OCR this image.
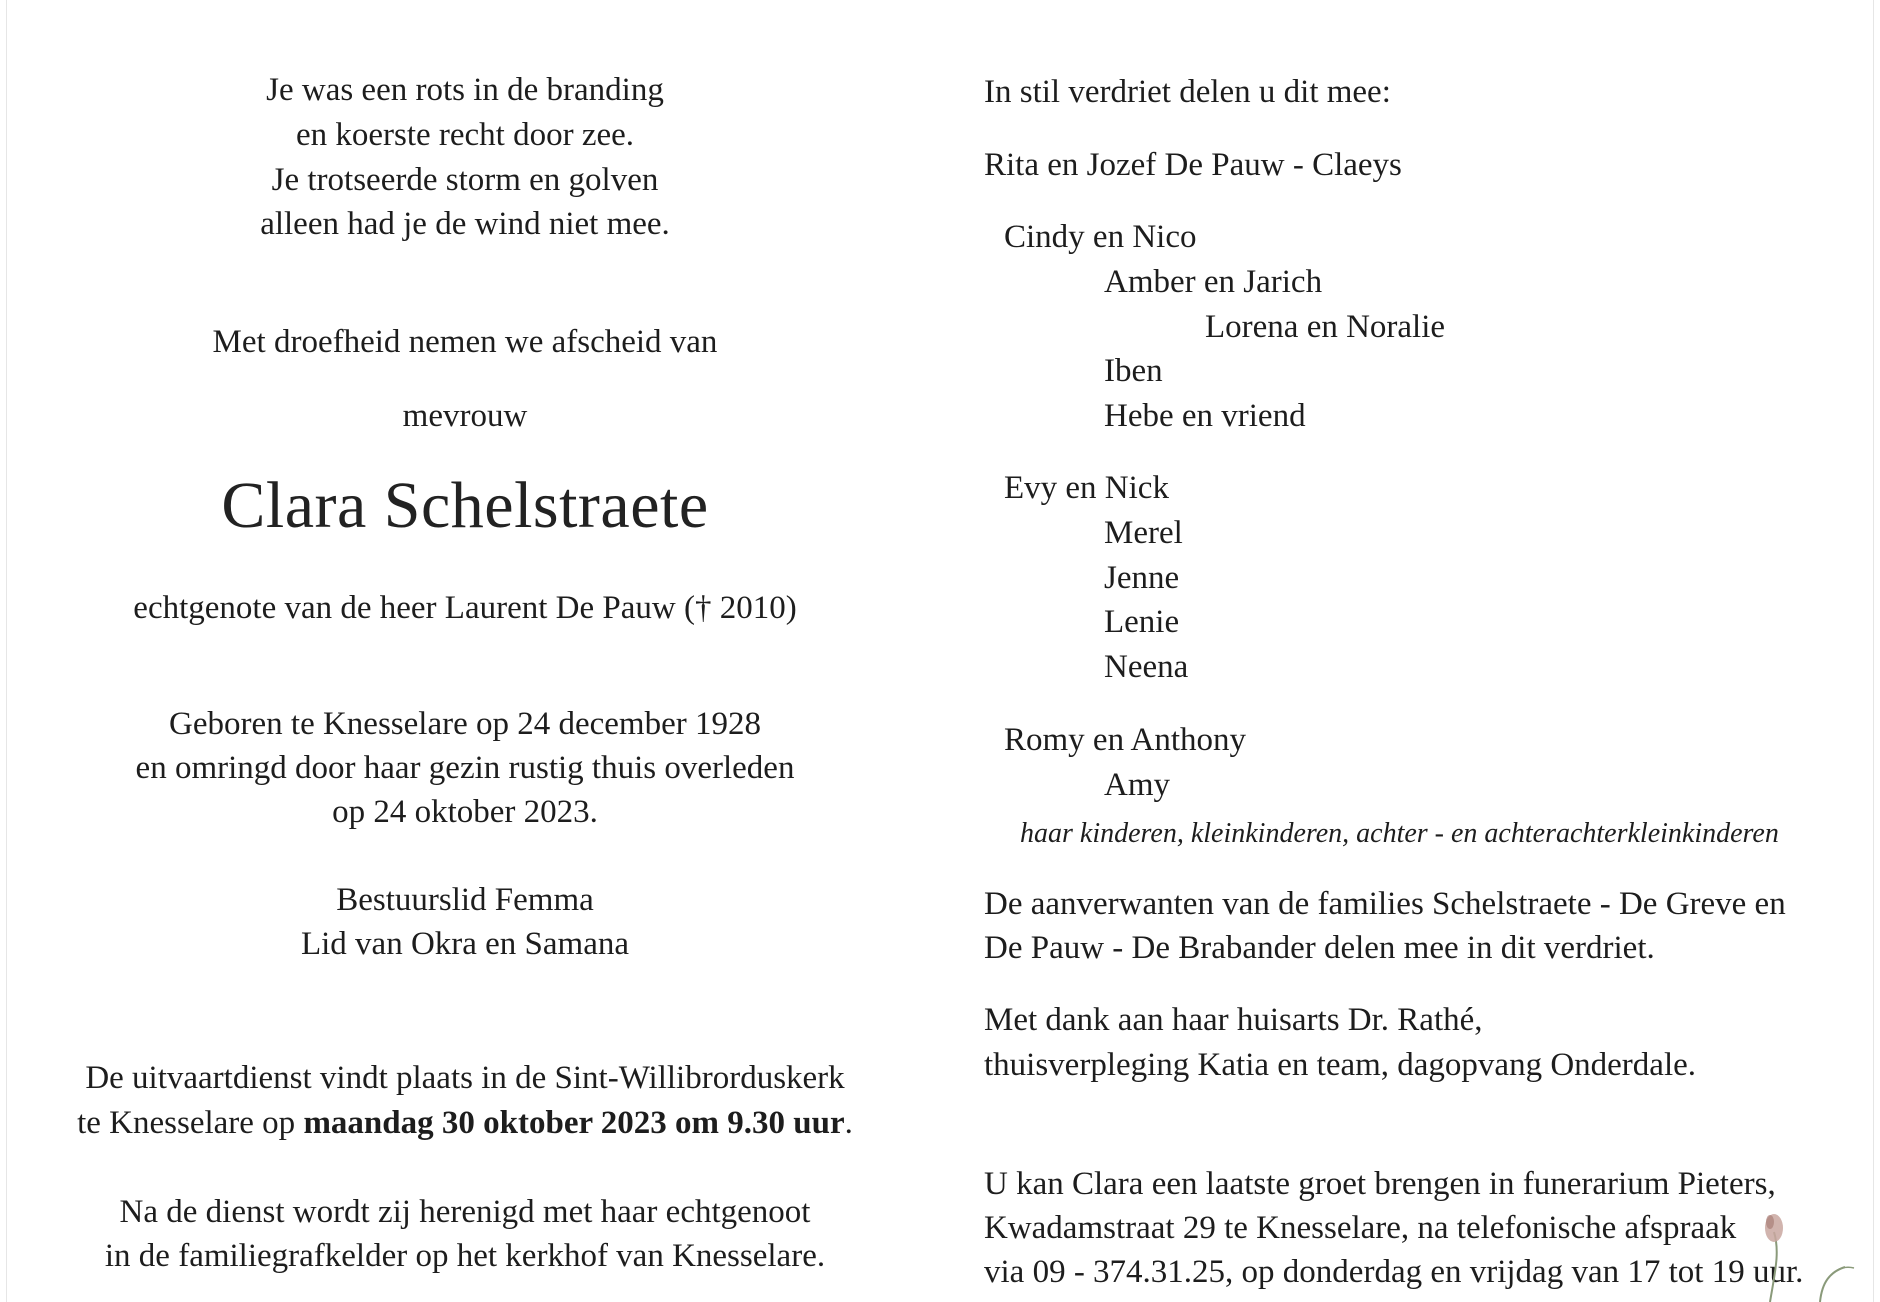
Je was een rots in de branding
en koerste recht door zee.
Je trotseerde storm en golven
alleen had je de wind niet mee.
Met droefheid nemen we afscheid van
mevrouw
Clara Schelstraete
echtgenote van de heer Laurent De Pauw († 2010)
Geboren te Knesselare op 24 december 1928
en omringd door haar gezin rustig thuis overleden
op 24 oktober 2023.
Bestuurslid Femma
Lid van Okra en Samana
De uitvaartdienst vindt plaats in de Sint-Willibrorduskerk
te Knesselare op maandag 30 oktober 2023 om 9.30 uur.
Na de dienst wordt zij herenigd met haar echtgenoot
in de familiegrafkelder op het kerkhof van Knesselare.
In stil verdriet delen u dit mee:
Rita en Jozef De Pauw - Claeys
Cindy en Nico
Amber en Jarich
Lorena en Noralie
Iben
Hebe en vriend
Evy en Nick
Merel
Jenne
Lenie
Neena
Romy en Anthony
Amy
haar kinderen, kleinkinderen, achter - en achterachterkleinkinderen
De aanverwanten van de families Schelstraete - De Greve en
De Pauw - De Brabander delen mee in dit verdriet.
Met dank aan haar huisarts Dr. Rathé,
thuisverpleging Katia en team, dagopvang Onderdale.
U kan Clara een laatste groet brengen in funerarium Pieters,
Kwadamstraat 29 te Knesselare, na telefonische afspraak
via 09 - 374.31.25, op donderdag en vrijdag van 17 tot 19 uur.
